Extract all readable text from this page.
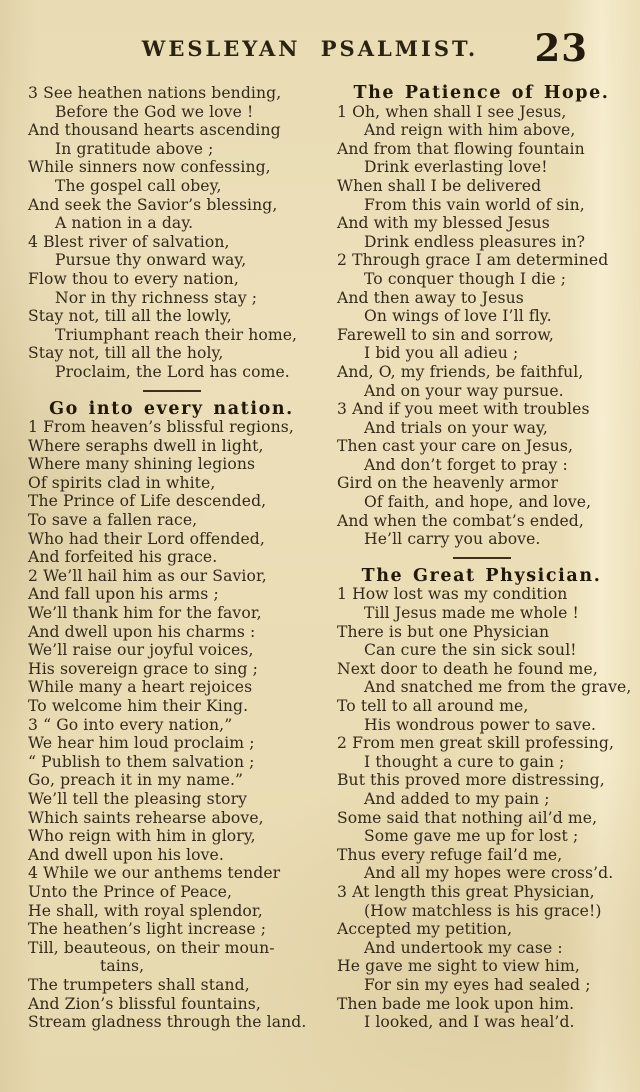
WESLEYAN PSALMIST.	23
3 See heathen nations bending,
Before the God we love !
And thousand hearts ascending
In gratitude above ;
While sinners now confessing,
The gospel call obey,
And seek the Savior’s blessing,
A nation in a day.
4 Blest river of salvation,
Pursue thy onward way,
Flow thou to every nation,
Nor in thy richness stay ;
Stay not, till all the lowly,
Triumphant reach their home,
Stay not, till all the holy,
Proclaim, the Lord has come.
Go into every nation.
1 From heaven’s blissful regions,
Where seraphs dwell in light,
Where many shining legions
Of spirits clad in white,
The Prince of Life descended,
To save a fallen race,
Who had their Lord offended,
And forfeited his grace.
2 We’ll hail him as our Savior,
And fall upon his arms ;
We’ll thank him for the favor,
And dwell upon his charms :
We’ll raise our joyful voices,
His sovereign grace to sing ;
While many a heart rejoices
To welcome him their King.
3 “ Go into every nation,”
We hear him loud proclaim ;
“ Publish to them salvation ;
Go, preach it in my name.”
We’ll tell the pleasing story
Which saints rehearse above,
Who reign with him in glory,
And dwell upon his love.
4 While we our anthems tender
Unto the Prince of Peace,
He shall, with royal splendor,
The heathen’s light increase ;
Till, beauteous, on their moun-
tains,
The trumpeters shall stand,
And Zion’s blissful fountains,
Stream gladness through the land.
The Patience of Hope.
1 Oh, when shall I see Jesus,
And reign with him above,
And from that flowing fountain
Drink everlasting love!
When shall I be delivered
From this vain world of sin,
And with my blessed Jesus
Drink endless pleasures in?
2 Through grace I am determined
To conquer though I die ;
And then away to Jesus
On wings of love I’ll fly.
Farewell to sin and sorrow,
I bid you all adieu ;
And, O, my friends, be faithful,
And on your way pursue.
3 And if you meet with troubles
And trials on your way,
Then cast your care on Jesus,
And don’t forget to pray :
Gird on the heavenly armor
Of faith, and hope, and love,
And when the combat’s ended,
He’ll carry you above.
The Great Physician.
1 How lost was my condition
Till Jesus made me whole !
There is but one Physician
Can cure the sin sick soul!
Next door to death he found me,
And snatched me from the grave,
To tell to all around me,
His wondrous power to save.
2 From men great skill professing,
I thought a cure to gain ;
But this proved more distressing,
And added to my pain ;
Some said that nothing ail’d me,
Some gave me up for lost ;
Thus every refuge fail’d me,
And all my hopes were cross’d.
3 At length this great Physician,
(How matchless is his grace!)
Accepted my petition,
And undertook my case :
He gave me sight to view him,
For sin my eyes had sealed ;
Then bade me look upon him.
I looked, and I was heal’d.
